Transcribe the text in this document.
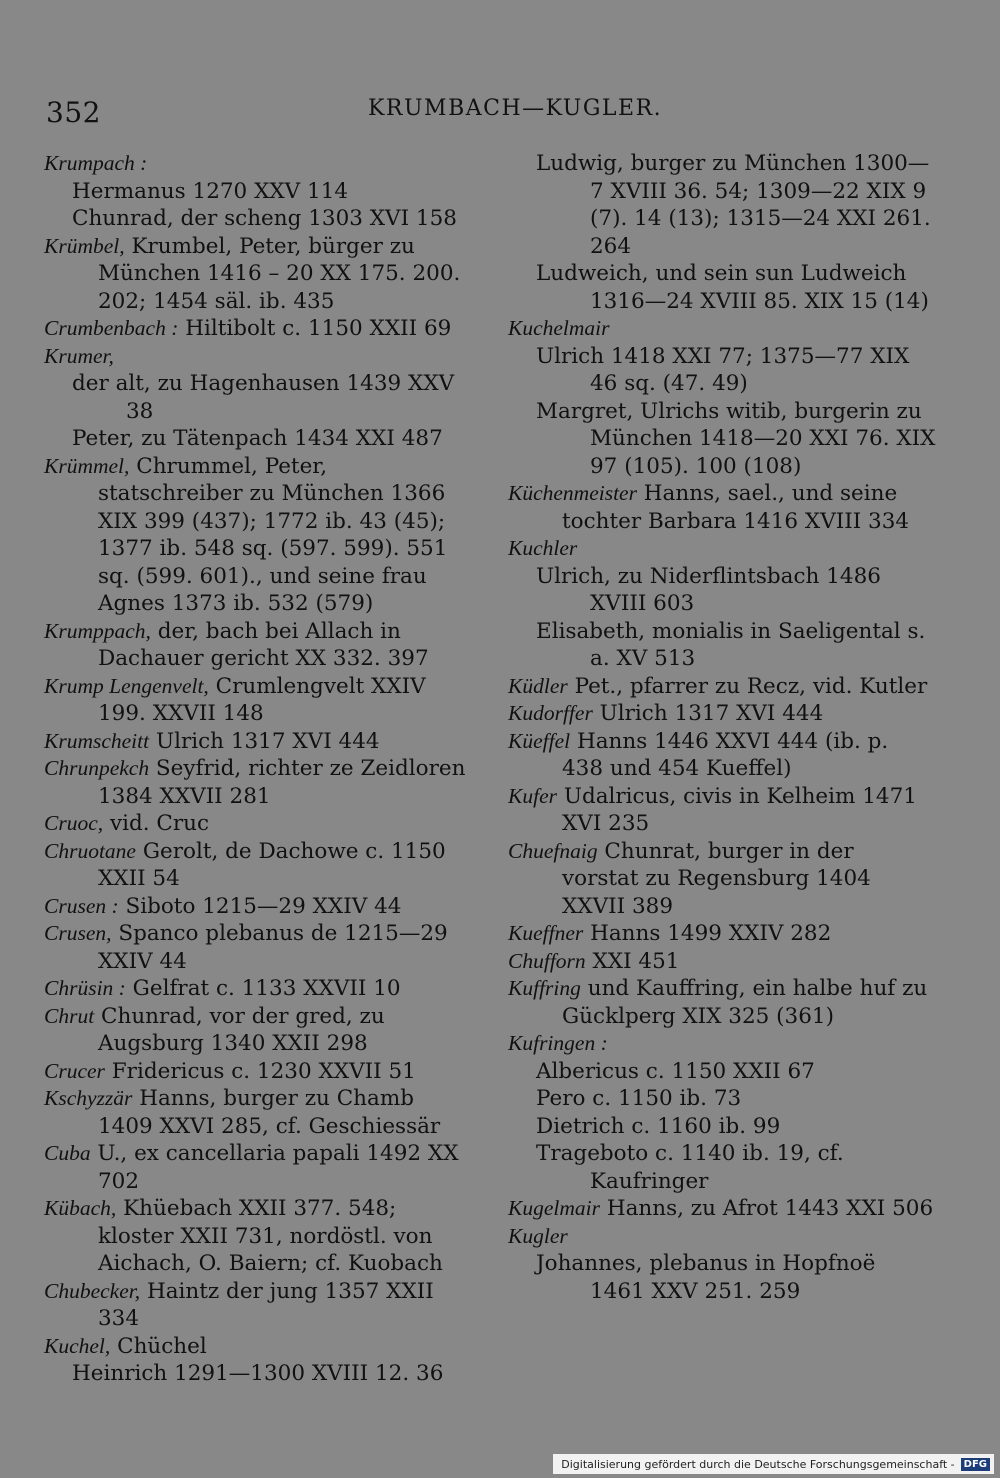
352	KRUMBACH—KUGLER.
Krumpach :
Hermanus 1270 XXV 114
Chunrad, der scheng 1303 XVI 158
Krümbel, Krumbel, Peter, bürger zu München 1416 – 20 XX 175. 200. 202; 1454 säl. ib. 435
Crumbenbach : Hiltibolt c. 1150 XXII 69
Krumer,
der alt, zu Hagenhausen 1439 XXV 38
Peter, zu Tätenpach 1434 XXI 487
Krümmel, Chrummel, Peter, statschreiber zu München 1366 XIX 399 (437); 1772 ib. 43 (45); 1377 ib. 548 sq. (597. 599). 551 sq. (599. 601)., und seine frau Agnes 1373 ib. 532 (579)
Krumppach, der, bach bei Allach in Dachauer gericht XX 332. 397
Krump Lengenvelt, Crumlengvelt XXIV 199. XXVII 148
Krumscheitt Ulrich 1317 XVI 444
Chrunpekch Seyfrid, richter ze Zeidloren 1384 XXVII 281
Cruoc, vid. Cruc
Chruotane Gerolt, de Dachowe c. 1150 XXII 54
Crusen : Siboto 1215—29 XXIV 44
Crusen, Spanco plebanus de 1215—29 XXIV 44
Chrüsin : Gelfrat c. 1133 XXVII 10
Chrut Chunrad, vor der gred, zu Augsburg 1340 XXII 298
Crucer Fridericus c. 1230 XXVII 51
Kschyzzär Hanns, burger zu Chamb 1409 XXVI 285, cf. Geschiessär
Cuba U., ex cancellaria papali 1492 XX 702
Kübach, Khüebach XXII 377. 548; kloster XXII 731, nordöstl. von Aichach, O. Baiern; cf. Kuobach
Chubecker, Haintz der jung 1357 XXII 334
Kuchel, Chüchel
Heinrich 1291—1300 XVIII 12. 36
Ludwig, burger zu München 1300—7 XVIII 36. 54; 1309—22 XIX 9 (7). 14 (13); 1315—24 XXI 261. 264
Ludweich, und sein sun Ludweich 1316—24 XVIII 85. XIX 15 (14)
Kuchelmair
Ulrich 1418 XXI 77; 1375—77 XIX 46 sq. (47. 49)
Margret, Ulrichs witib, burgerin zu München 1418—20 XXI 76. XIX 97 (105). 100 (108)
Küchenmeister Hanns, sael., und seine tochter Barbara 1416 XVIII 334
Kuchler
Ulrich, zu Niderflintsbach 1486 XVIII 603
Elisabeth, monialis in Saeligental s. a. XV 513
Küdler Pet., pfarrer zu Recz, vid. Kutler
Kudorffer Ulrich 1317 XVI 444
Küeffel Hanns 1446 XXVI 444 (ib. p. 438 und 454 Kueffel)
Kufer Udalricus, civis in Kelheim 1471 XVI 235
Chuefnaig Chunrat, burger in der vorstat zu Regensburg 1404 XXVII 389
Kueffner Hanns 1499 XXIV 282
Chufforn XXI 451
Kuffring und Kauffring, ein halbe huf zu Gücklperg XIX 325 (361)
Kufringen :
Albericus c. 1150 XXII 67
Pero c. 1150 ib. 73
Dietrich c. 1160 ib. 99
Trageboto c. 1140 ib. 19, cf. Kaufringer
Kugelmair Hanns, zu Afrot 1443 XXI 506
Kugler
Johannes, plebanus in Hopfnoë 1461 XXV 251. 259
Digitalisierung gefördert durch die Deutsche Forschungsgemeinschaft - DFG
